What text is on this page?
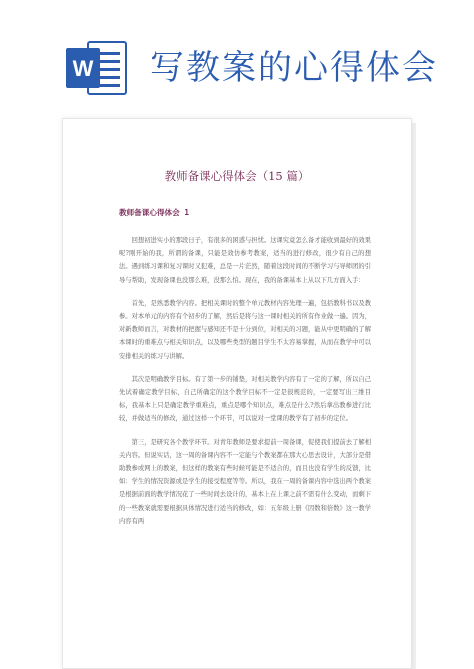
W 写教案的心得体会
教师备课心得体会（15 篇）
教师备课心得体会 1

回想初进实小的那段日子，有很多的困惑与担忧。这课究竟怎么备才能收到最好的效果呢?刚开始的我，所谓的备课，只能是效仿参考教案，适当的进行修改，很少有自己的想法。遇到练习课和复习课时又犯难，总是一片茫然，随着这段时间的不断学习与导师团的引导与帮助，发现备课也没那么难，没那么怕。现在，我的备课基本上从以下几方面入手：

首先，是熟悉教学内容。把相关课时的整个单元教材内容先理一遍，包括教科书以及教参。对本单元的内容有个初步的了解，然后是将与这一课时相关的所有作业做一遍。因为，对新教师而言，对教材的把握与感知还不是十分到位，对相关的习题，能从中更明确的了解本课时的重难点与相关知识点，以及哪些类型的题目学生不太容易掌握，从而在教学中可以安排相关的练习与讲解。

其次是明确教学目标。有了第一步的铺垫，对相关教学内容有了一定的了解，所以自己先试着确定教学目标，自己所确定的这个教学目标不一定是很规范的，一定要写出三维目标，我基本上只是确定教学重难点，重点是哪个知识点，难点是什么?然后拿出教参进行比较，并做适当的修改，通过这样一个环节，可以说对一堂课的教学有了初步的定位。

第三，是研究各个教学环节。对青年教师是要求提前一周备课，促使我们提前去了解相关内容。但说实话，这一周的备课内容不一定能与个教案都在那大心思去设计，大部分是借助教参或网上的教案，但这样的教案有些时候可能是不适合的，而且也没有学生的反馈，比如：学生的情况资源或是学生的接受程度等等。所以，我在一周的备课内容中选出两个教案是根据前面的教学情况花了一些时间去设计的，基本上在上课之前不需有什么变动，而剩下的一些教案就需要根据具体情况进行适当的修改，如：五年级上册《因数和倍数》这一教学内容有两
